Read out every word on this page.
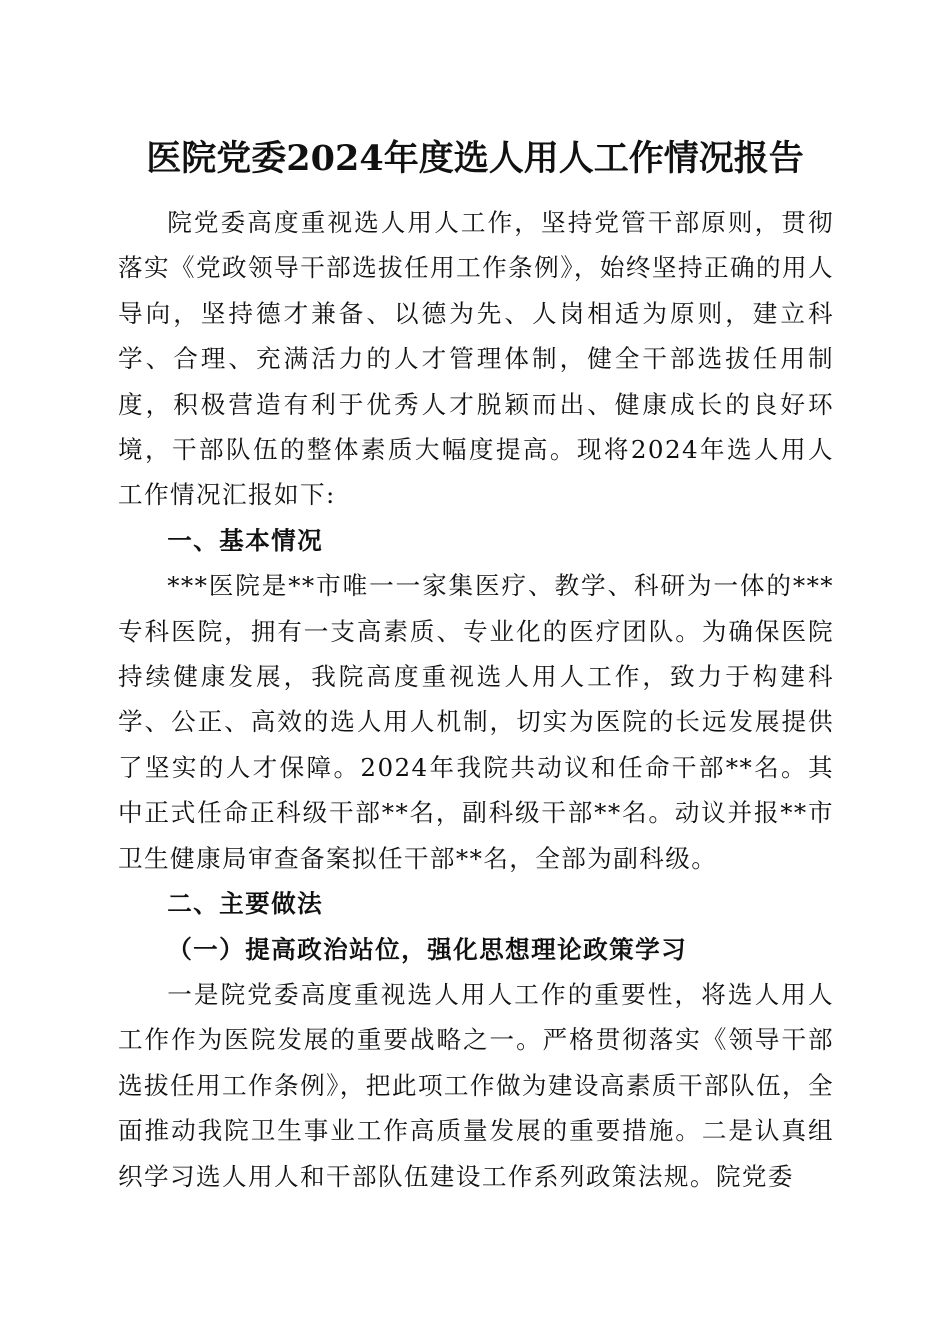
医院党委2024年度选人用人工作情况报告

院党委高度重视选人用人工作，坚持党管干部原则，贯彻落实《党政领导干部选拔任用工作条例》，始终坚持正确的用人导向，坚持德才兼备、以德为先、人岗相适为原则，建立科学、合理、充满活力的人才管理体制，健全干部选拔任用制度，积极营造有利于优秀人才脱颖而出、健康成长的良好环境，干部队伍的整体素质大幅度提高。现将2024年选人用人工作情况汇报如下:

一、基本情况

***医院是**市唯一一家集医疗、教学、科研为一体的***专科医院，拥有一支高素质、专业化的医疗团队。为确保医院持续健康发展，我院高度重视选人用人工作，致力于构建科学、公正、高效的选人用人机制，切实为医院的长远发展提供了坚实的人才保障。2024年我院共动议和任命干部**名。其中正式任命正科级干部**名，副科级干部**名。动议并报**市卫生健康局审查备案拟任干部**名，全部为副科级。

二、主要做法

（一）提高政治站位，强化思想理论政策学习

一是院党委高度重视选人用人工作的重要性，将选人用人工作作为医院发展的重要战略之一。严格贯彻落实《领导干部选拔任用工作条例》，把此项工作做为建设高素质干部队伍，全面推动我院卫生事业工作高质量发展的重要措施。二是认真组织学习选人用人和干部队伍建设工作系列政策法规。院党委
